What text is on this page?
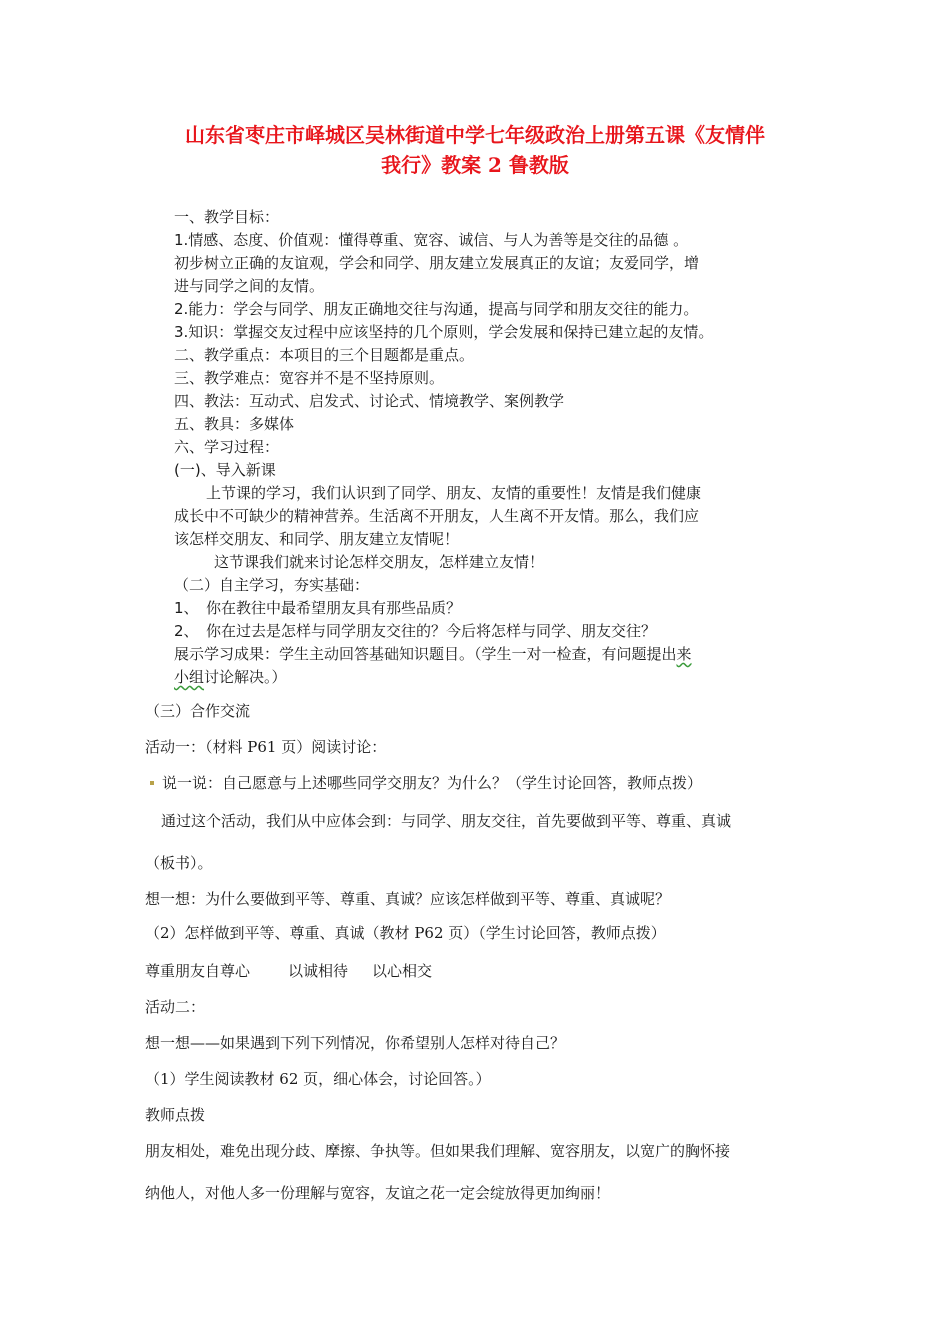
山东省枣庄市峄城区吴林街道中学七年级政治上册第五课《友情伴
我行》教案 2 鲁教版
一、教学目标：
1.情感、态度、价值观：懂得尊重、宽容、诚信、与人为善等是交往的品德 。
初步树立正确的友谊观，学会和同学、朋友建立发展真正的友谊；友爱同学，增
进与同学之间的友情。
2.能力：学会与同学、朋友正确地交往与沟通，提高与同学和朋友交往的能力。
3.知识：掌握交友过程中应该坚持的几个原则，学会发展和保持已建立起的友情。
二、教学重点：本项目的三个目题都是重点。
三、教学难点：宽容并不是不坚持原则。
四、教法：互动式、启发式、讨论式、情境教学、案例教学
五、教具：多媒体
六、学习过程：
(一)、导入新课
上节课的学习，我们认识到了同学、朋友、友情的重要性！友情是我们健康
成长中不可缺少的精神营养。生活离不开朋友，人生离不开友情。那么，我们应
该怎样交朋友、和同学、朋友建立友情呢！
这节课我们就来讨论怎样交朋友，怎样建立友情！
（二）自主学习，夯实基础：
1、　你在教往中最希望朋友具有那些品质？
2、　你在过去是怎样与同学朋友交往的？今后将怎样与同学、朋友交往？
展示学习成果：学生主动回答基础知识题目。（学生一对一检查，有问题提出来
小组讨论解决。）
（三）合作交流
活动一：（材料 P61 页）阅读讨论：
说一说：自己愿意与上述哪些同学交朋友？为什么？（学生讨论回答，教师点拨）
通过这个活动，我们从中应体会到：与同学、朋友交往，首先要做到平等、尊重、真诚
（板书）。
想一想：为什么要做到平等、尊重、真诚？应该怎样做到平等、尊重、真诚呢？
（2）怎样做到平等、尊重、真诚（教材 P62 页）（学生讨论回答，教师点拨）
尊重朋友自尊心	以诚相待 以心相交
活动二：
想一想——如果遇到下列下列情况，你希望别人怎样对待自己？
（1）学生阅读教材 62 页，细心体会，讨论回答。）
教师点拨
朋友相处，难免出现分歧、摩擦、争执等。但如果我们理解、宽容朋友，以宽广的胸怀接
纳他人，对他人多一份理解与宽容，友谊之花一定会绽放得更加绚丽！
